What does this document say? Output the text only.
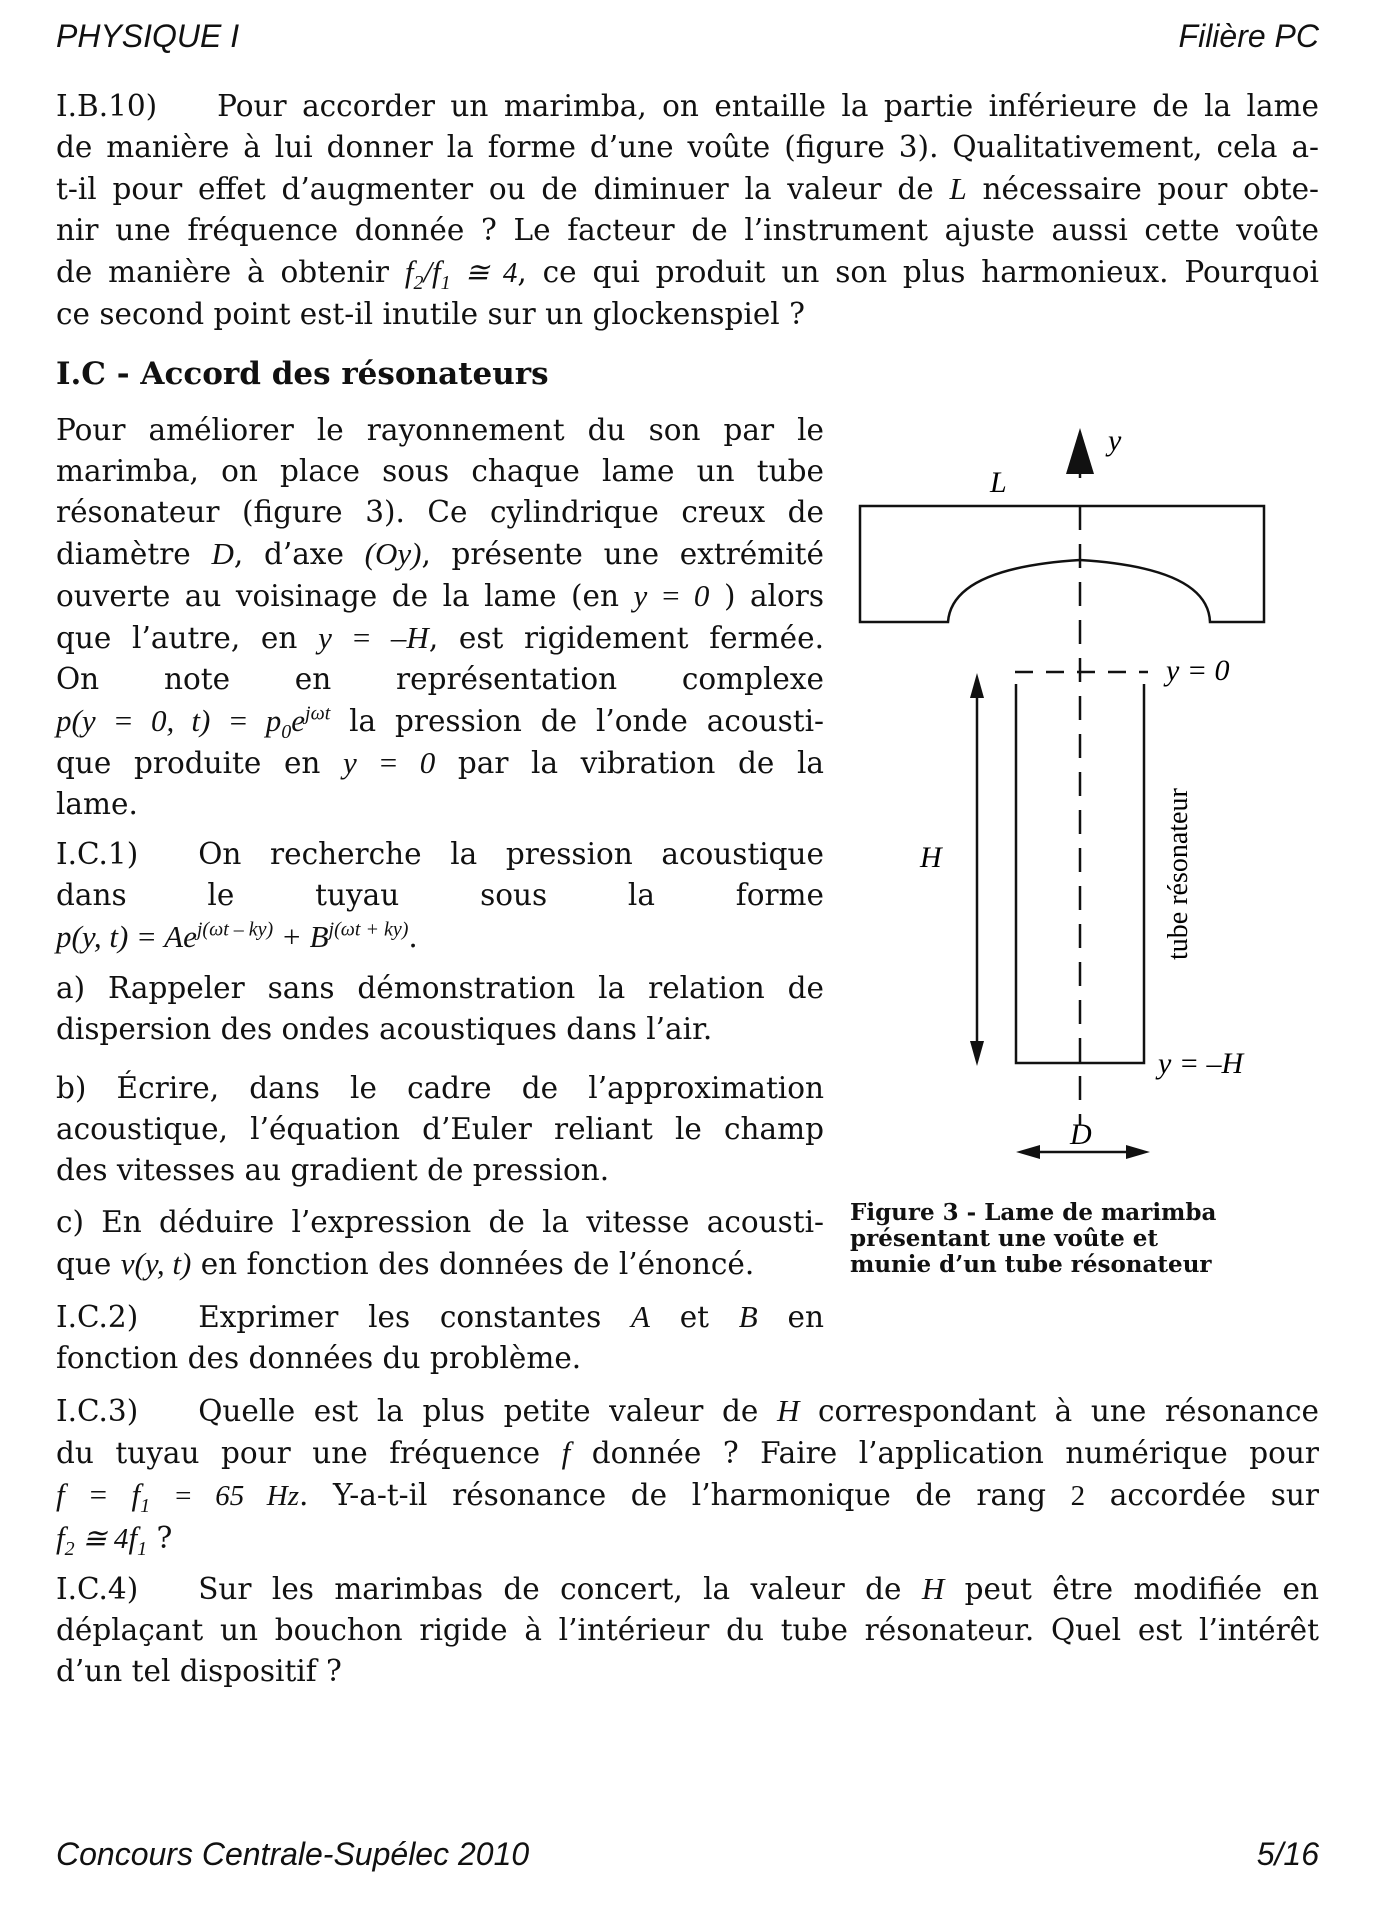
PHYSIQUE I	Filière PC
I.B.10) Pour accorder un marimba, on entaille la partie inférieure de la lame
de manière à lui donner la forme d’une voûte (figure 3). Qualitativement, cela a-
t-il pour effet d’augmenter ou de diminuer la valeur de L nécessaire pour obte-
nir une fréquence donnée ? Le facteur de l’instrument ajuste aussi cette voûte
de manière à obtenir $f_2/f_1$ ≅ 4, ce qui produit un son plus harmonieux. Pourquoi
ce second point est-il inutile sur un glockenspiel ?
I.C - Accord des résonateurs
Pour améliorer le rayonnement du son par le
marimba, on place sous chaque lame un tube
résonateur (figure 3). Ce cylindrique creux de
diamètre D, d’axe (Oy), présente une extrémité
ouverte au voisinage de la lame (en y = 0 ) alors
que l’autre, en y = –H, est rigidement fermée.
On note en représentation complexe
p(y = 0, $t) = p_0e^{j\omega t}$ la pression de l’onde acousti-
que produite en y = 0 par la vibration de la
lame.
I.C.1) On recherche la pression acoustique
dans le tuyau sous la forme
p(y, $t) = Ae^{j(\omega t - ky)} + B^{j(\omega t + ky)}$.
a) Rappeler sans démonstration la relation de
dispersion des ondes acoustiques dans l’air.
b) Écrire, dans le cadre de l’approximation
acoustique, l’équation d’Euler reliant le champ
des vitesses au gradient de pression.
c) En déduire l’expression de la vitesse acousti-
que v(y, t) en fonction des données de l’énoncé.
I.C.2) Exprimer les constantes A et B en
fonction des données du problème.
I.C.3) Quelle est la plus petite valeur de H correspondant à une résonance
du tuyau pour une fréquence f donnée ? Faire l’application numérique pour
$f = f_1 = 65$ Hz. Y-a-t-il résonance de l’harmonique de rang 2 accordée sur
$f_2$ ≅ $4f_1$ ?
I.C.4) Sur les marimbas de concert, la valeur de H peut être modifiée en
déplaçant un bouchon rigide à l’intérieur du tube résonateur. Quel est l’intérêt
d’un tel dispositif ?
y
L
y = 0
H	tube résonateur
y = –H
D
Figure 3 - Lame de marimba
présentant une voûte et
munie d’un tube résonateur
Concours Centrale-Supélec 2010	5/16
